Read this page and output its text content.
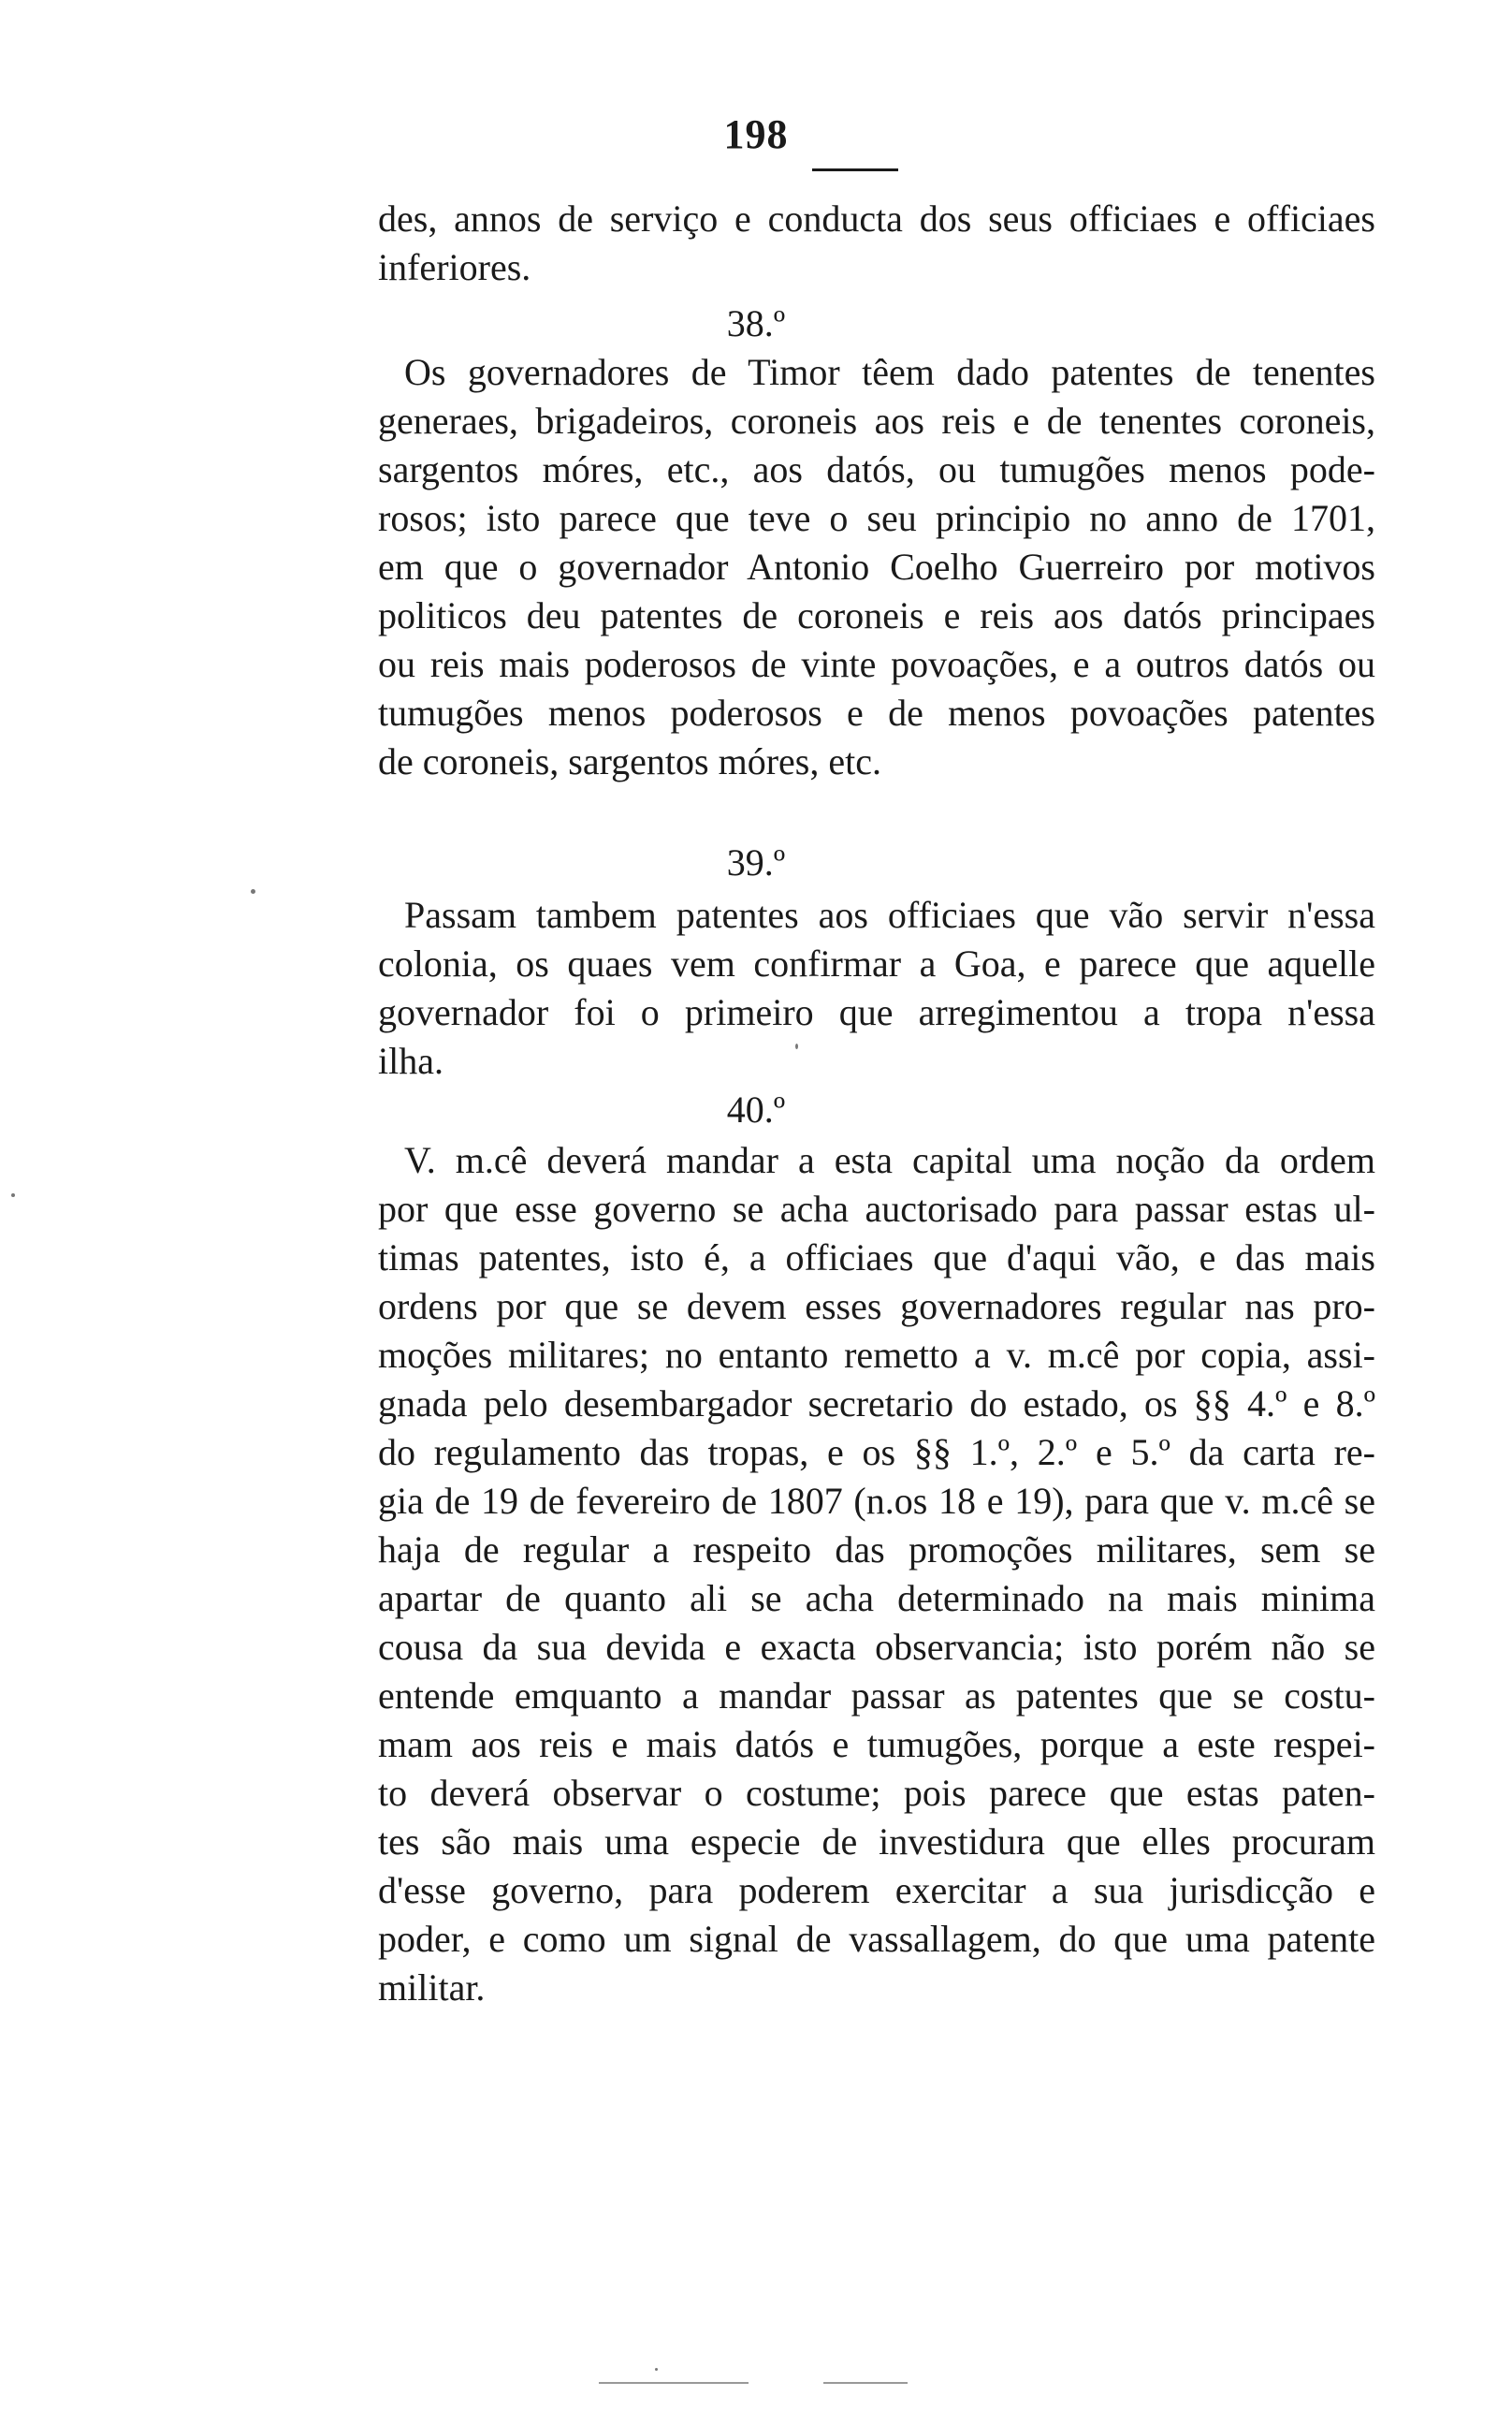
198
des, annos de serviço e conducta dos seus officiaes e officiaes
inferiores.
38.º
Os governadores de Timor têem dado patentes de tenentes
generaes, brigadeiros, coroneis aos reis e de tenentes coroneis,
sargentos móres, etc., aos datós, ou tumugões menos pode-
rosos; isto parece que teve o seu principio no anno de 1701,
em que o governador Antonio Coelho Guerreiro por motivos
politicos deu patentes de coroneis e reis aos datós principaes
ou reis mais poderosos de vinte povoações, e a outros datós ou
tumugões menos poderosos e de menos povoações patentes
de coroneis, sargentos móres, etc.
39.º
Passam tambem patentes aos officiaes que vão servir n'essa
colonia, os quaes vem confirmar a Goa, e parece que aquelle
governador foi o primeiro que arregimentou a tropa n'essa
ilha.
40.º
V. m.cê deverá mandar a esta capital uma noção da ordem
por que esse governo se acha auctorisado para passar estas ul-
timas patentes, isto é, a officiaes que d'aqui vão, e das mais
ordens por que se devem esses governadores regular nas pro-
moções militares; no entanto remetto a v. m.cê por copia, assi-
gnada pelo desembargador secretario do estado, os §§ 4.º e 8.º
do regulamento das tropas, e os §§ 1.º, 2.º e 5.º da carta re-
gia de 19 de fevereiro de 1807 (n.os 18 e 19), para que v. m.cê se
haja de regular a respeito das promoções militares, sem se
apartar de quanto ali se acha determinado na mais minima
cousa da sua devida e exacta observancia; isto porém não se
entende emquanto a mandar passar as patentes que se costu-
mam aos reis e mais datós e tumugões, porque a este respei-
to deverá observar o costume; pois parece que estas paten-
tes são mais uma especie de investidura que elles procuram
d'esse governo, para poderem exercitar a sua jurisdicção e
poder, e como um signal de vassallagem, do que uma patente
militar.
